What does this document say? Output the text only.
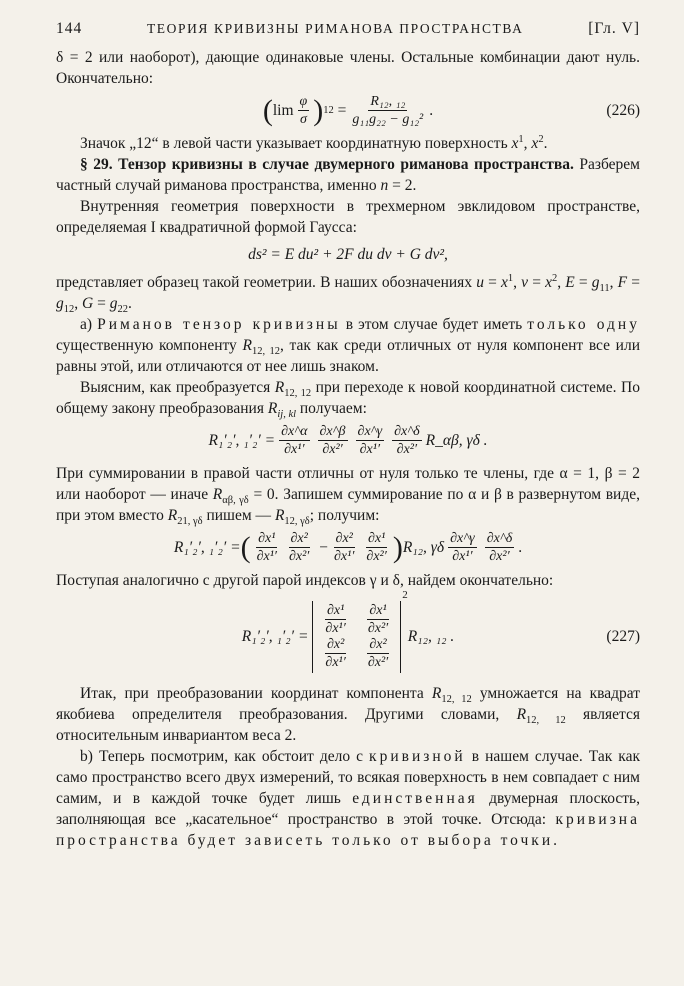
144	ТЕОРИЯ КРИВИЗНЫ РИМАНОВА ПРОСТРАНСТВА	[Гл. V]

δ = 2 или наоборот), дающие одинаковые члены. Остальные комбинации дают нуль. Окончательно:

( $\lim \frac{\varphi}{\sigma}$ ) $12 = \frac{\text{R₁₂, ₁₂}}{\text{g₁₁g₂₂ − g₁₂²}}$ .	(226)

Значок „12“ в левой части указывает координатную поверхность $x^1$, $x^2$.

§ 29. Тензор кривизны в случае двумерного риманова пространства. Разберем частный случай риманова пространства, именно n = 2.

Внутренняя геометрия поверхности в трехмерном эвклидовом пространстве, определяемая I квадратичной формой Гаусса:

ds² = E du² + 2F du dv + G dv²,

представляет образец такой геометрии. В наших обозначениях $u = x^1$, $v = x^2$, $E = g_{11}$, $F = g_{12}$, $G = g_{22}$.

a) Риманов тензор кривизны в этом случае будет иметь только одну существенную компоненту $R_{12, 12}$, так как среди отличных от нуля компонент все или равны этой, или отличаются от нее лишь знаком.

Выясним, как преобразуется $R_{12, 12}$ при переходе к новой координатной системе. По общему закону преобразования $R_{ij, kl}$ получаем:

R₁′₂′, $_1'_2' = \frac{\partial x\^{}\alpha}{\text{∂x¹′}} \frac{\partial x\^{}\beta}{\text{∂x²′}} \frac{\partial x\^{}\gamma}{\text{∂x¹′}} \frac{\partial x\^{}\delta}{\text{∂x²′}}$ R_αβ, γδ .

При суммировании в правой части отличны от нуля только те члены, где α = 1, β = 2 или наоборот — иначе $R_{\alpha\beta, \gamma\delta} = 0$. Запишем суммирование по α и β в развернутом виде, при этом вместо $R_{21, \gamma\delta}$ пишем — $R_{12, \gamma\delta}$; получим:

R₁′₂′, ₁′₂′ = ( $\frac{\text{∂x¹}}{\text{∂x¹′}} \frac{\text{∂x²}}{\text{∂x²′}} - \frac{\text{∂x²}}{\text{∂x¹′}} \frac{\text{∂x¹}}{\text{∂x²′}}$ ) R₁₂, γδ $\frac{\partial x\^{}\gamma}{\text{∂x¹′}} \frac{\partial x\^{}\delta}{\text{∂x²′}}$ .

Поступая аналогично с другой парой индексов γ и δ, найдем окончательно:

R₁′₂′, $_1'_2' = \frac{\text{∂x¹}}{\text{∂x¹′}} \frac{\text{∂x¹}}{\text{∂x²′}}$
$\frac{\text{∂x²}}{\text{∂x¹′}} \frac{\text{∂x²}}{\text{∂x²′}}$
2
R₁₂, ₁₂ .	(227)

Итак, при преобразовании координат компонента $R_{12, 12}$ умножается на квадрат якобиева определителя преобразования. Другими словами, $R_{12, 12}$ является относительным инвариантом веса 2.

b) Теперь посмотрим, как обстоит дело с кривизной в нашем случае. Так как само пространство всего двух измерений, то всякая поверхность в нем совпадает с ним самим, и в каждой точке будет лишь единственная двумерная плоскость, заполняющая все „касательное“ пространство в этой точке. Отсюда: кривизна пространства будет зависеть только от выбора точки.
